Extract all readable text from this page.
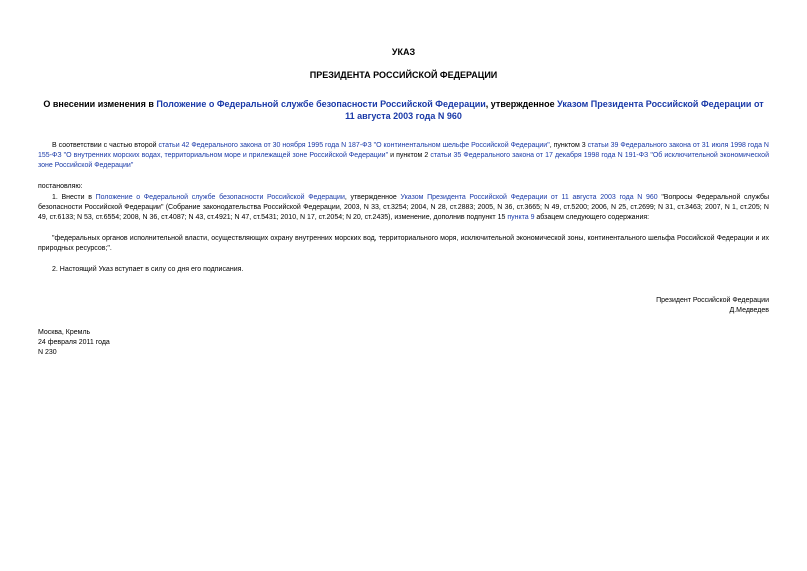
УКАЗ
ПРЕЗИДЕНТА РОССИЙСКОЙ ФЕДЕРАЦИИ
О внесении изменения в Положение о Федеральной службе безопасности Российской Федерации, утвержденное Указом Президента Российской Федерации от 11 августа 2003 года N 960
В соответствии с частью второй статьи 42 Федерального закона от 30 ноября 1995 года N 187-ФЗ "О континентальном шельфе Российской Федерации", пунктом 3 статьи 39 Федерального закона от 31 июля 1998 года N 155-ФЗ "О внутренних морских водах, территориальном море и прилежащей зоне Российской Федерации" и пунктом 2 статьи 35 Федерального закона от 17 декабря 1998 года N 191-ФЗ "Об исключительной экономической зоне Российской Федерации"
постановляю:
1. Внести в Положение о Федеральной службе безопасности Российской Федерации, утвержденное Указом Президента Российской Федерации от 11 августа 2003 года N 960 "Вопросы Федеральной службы безопасности Российской Федерации" (Собрание законодательства Российской Федерации, 2003, N 33, ст.3254; 2004, N 28, ст.2883; 2005, N 36, ст.3665; N 49, ст.5200; 2006, N 25, ст.2699; N 31, ст.3463; 2007, N 1, ст.205; N 49, ст.6133; N 53, ст.6554; 2008, N 36, ст.4087; N 43, ст.4921; N 47, ст.5431; 2010, N 17, ст.2054; N 20, ст.2435), изменение, дополнив подпункт 15 пункта 9 абзацем следующего содержания:
"федеральных органов исполнительной власти, осуществляющих охрану внутренних морских вод, территориального моря, исключительной экономической зоны, континентального шельфа Российской Федерации и их природных ресурсов;".
2. Настоящий Указ вступает в силу со дня его подписания.
Президент Российской Федерации
Д.Медведев
Москва, Кремль
24 февраля 2011 года
N 230
